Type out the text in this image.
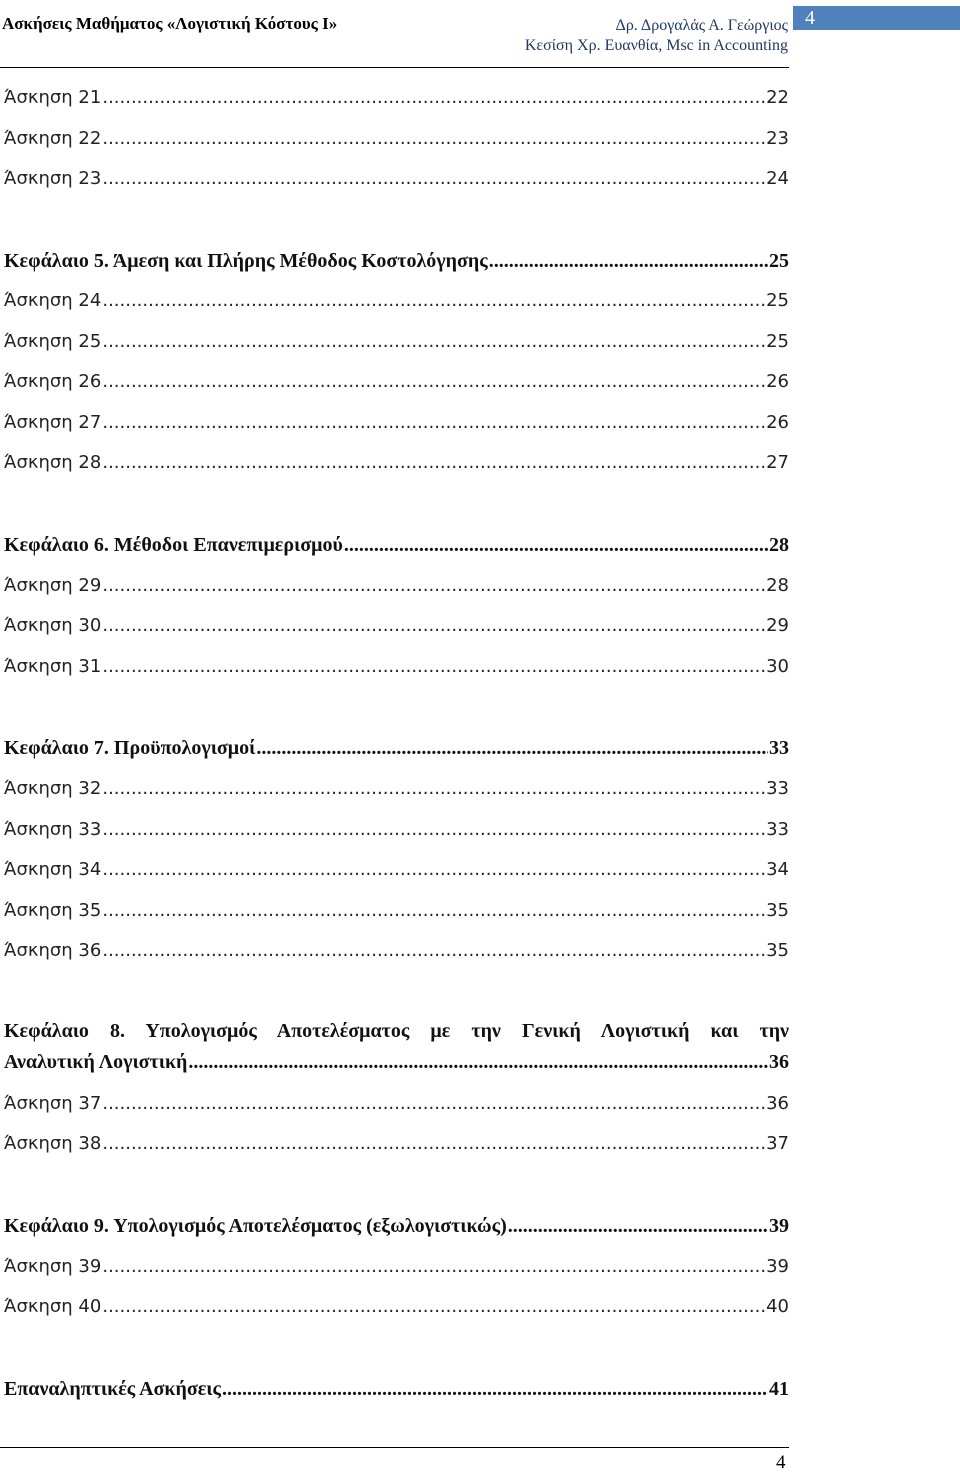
Ασκήσεις Μαθήματος «Λογιστική Κόστους Ι»	Δρ. Δρογαλάς Α. Γεώργιος
Κεσίση Χρ. Ευανθία, Msc in Accounting
4
Άσκηση 21 .....	22
Άσκηση 22 .....	23
Άσκηση 23 .....	24
Κεφάλαιο 5. Άμεση και Πλήρης Μέθοδος Κοστολόγησης .....	25
Άσκηση 24 .....	25
Άσκηση 25 .....	25
Άσκηση 26 .....	26
Άσκηση 27 .....	26
Άσκηση 28 .....	27
Κεφάλαιο 6. Μέθοδοι Επανεπιμερισμού .....	28
Άσκηση 29 .....	28
Άσκηση 30 .....	29
Άσκηση 31 .....	30
Κεφάλαιο 7. Προϋπολογισμοί .....	33
Άσκηση 32 .....	33
Άσκηση 33 .....	33
Άσκηση 34 .....	34
Άσκηση 35 .....	35
Άσκηση 36 .....	35
Κεφάλαιο 8. Υπολογισμός Αποτελέσματος με την Γενική Λογιστική και την
Αναλυτική Λογιστική .....	36
Άσκηση 37 .....	36
Άσκηση 38 .....	37
Κεφάλαιο 9. Υπολογισμός Αποτελέσματος (εξωλογιστικώς) .....	39
Άσκηση 39 .....	39
Άσκηση 40 .....	40
Επαναληπτικές Ασκήσεις .....	41
4
